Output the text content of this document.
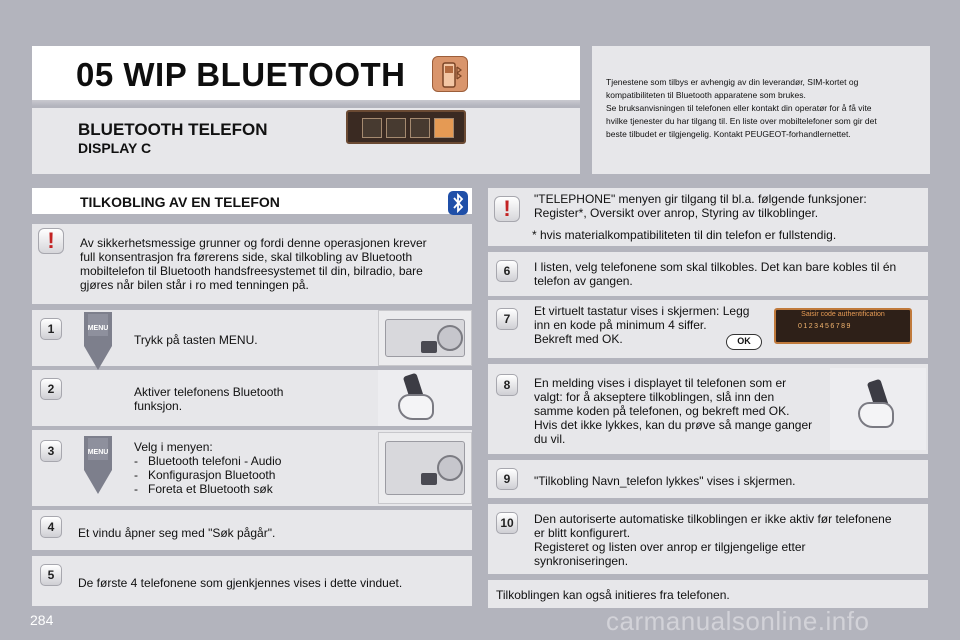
05 WIP BLUETOOTH
BLUETOOTH TELEFON
DISPLAY C
Tjenestene som tilbys er avhengig av din leverandør, SIM-kortet og
kompatibiliteten til Bluetooth apparatene som brukes.
Se bruksanvisningen til telefonen eller kontakt din operatør for å få vite
hvilke tjenester du har tilgang til. En liste over mobiltelefoner som gir det
beste tilbudet er tilgjengelig. Kontakt PEUGEOT-forhandlernettet.
TILKOBLING AV EN TELEFON
!	Av sikkerhetsmessige grunner og fordi denne operasjonen krever
full konsentrasjon fra førerens side, skal tilkobling av Bluetooth
mobiltelefon til Bluetooth handsfreesystemet til din, bilradio, bare
gjøres når bilen står i ro med tenningen på.
1	MENU
Trykk på tasten MENU.
2	Aktiver telefonens Bluetooth
funksjon.
3	MENU Velg i menyen:
- Bluetooth telefoni - Audio
- Konfigurasjon Bluetooth
- Foreta et Bluetooth søk
4	Et vindu åpner seg med "Søk pågår".
5
De første 4 telefonene som gjenkjennes vises i dette vinduet.
!	"TELEPHONE" menyen gir tilgang til bl.a. følgende funksjoner:
Register*, Oversikt over anrop, Styring av tilkoblinger.
* hvis materialkompatibiliteten til din telefon er fullstendig.
6	I listen, velg telefonene som skal tilkobles. Det kan bare kobles til én
telefon av gangen.
7
Et virtuelt tastatur vises i skjermen: Legg
inn en kode på minimum 4 siffer.
Bekreft med OK.	OK
Saisir code authentification
0123456789
8	En melding vises i displayet til telefonen som er
valgt: for å akseptere tilkoblingen, slå inn den
samme koden på telefonen, og bekreft med OK.
Hvis det ikke lykkes, kan du prøve så mange ganger
du vil.
9	"Tilkobling Navn_telefon lykkes" vises i skjermen.
10	Den autoriserte automatiske tilkoblingen er ikke aktiv før telefonene
er blitt konfigurert.
Registeret og listen over anrop er tilgjengelige etter
synkroniseringen.
Tilkoblingen kan også initieres fra telefonen.
284	carmanualsonline.info
